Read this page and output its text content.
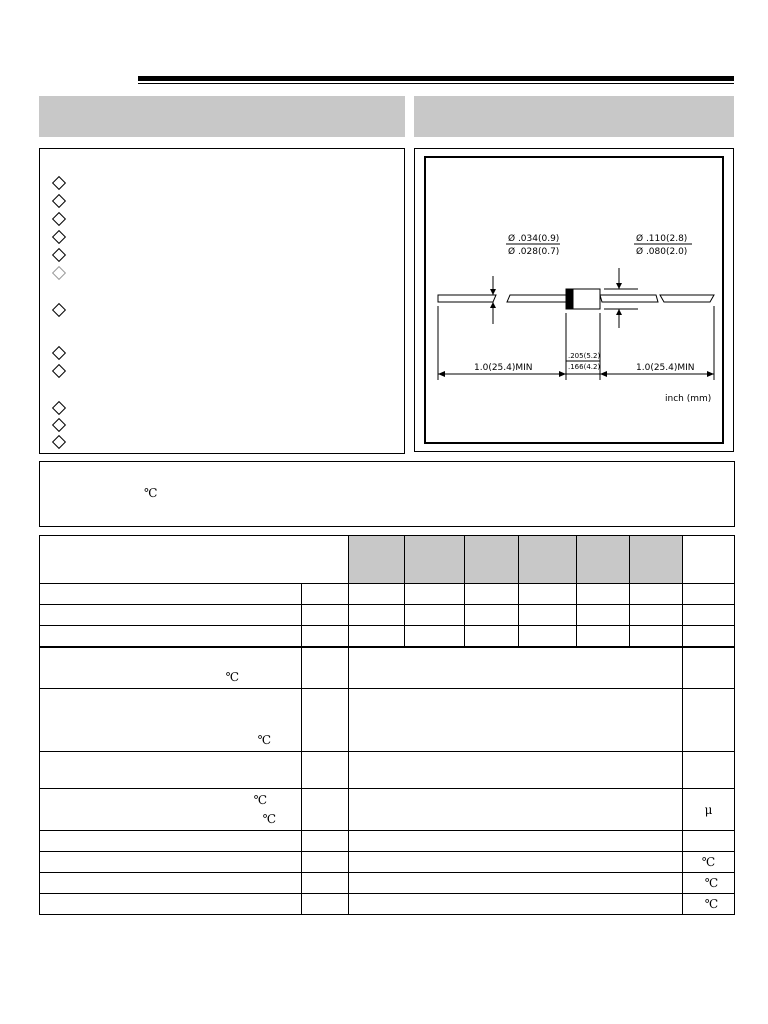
Ø .034(0.9)
Ø .028(0.7)
Ø .110(2.8)
Ø .080(2.0)
.205(5.2)
.166(4.2)
1.0(25.4)MIN	1.0(25.4)MIN
inch (mm)
℃

℃								

℃								

℃
℃								μ

								℃
								℃
								℃
